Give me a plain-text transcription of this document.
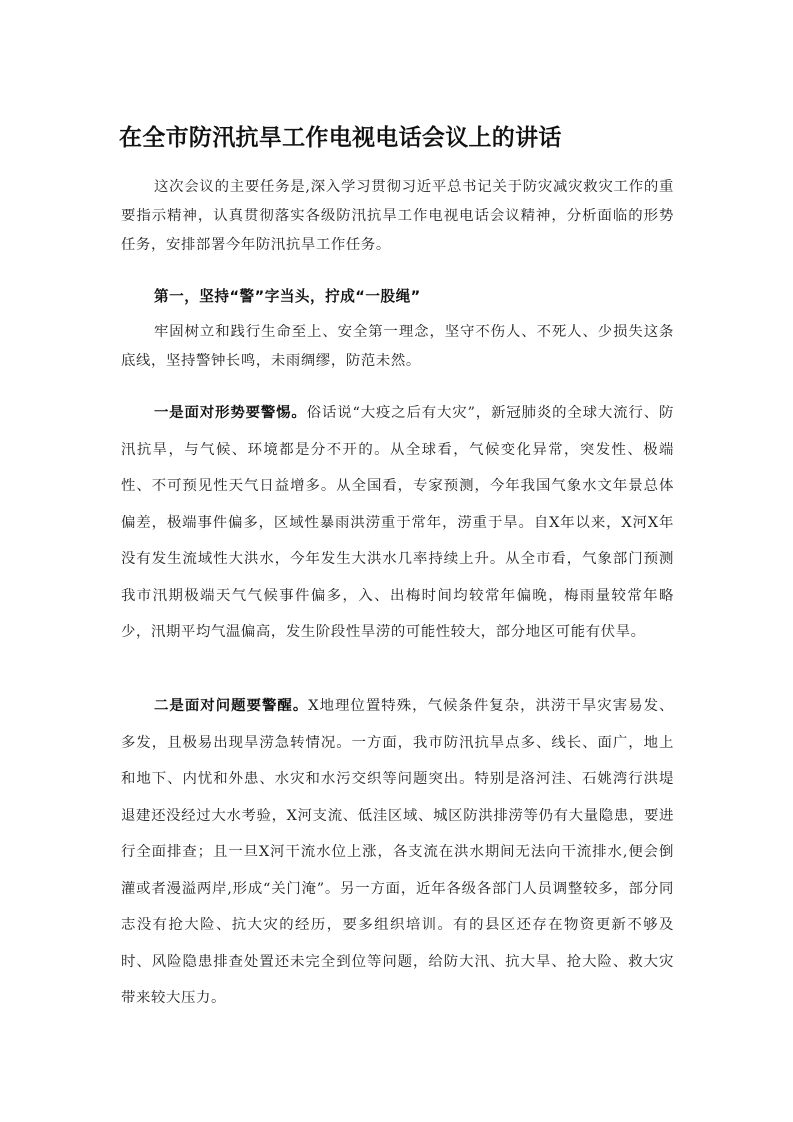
在全市防汛抗旱工作电视电话会议上的讲话

这次会议的主要任务是,深入学习贯彻习近平总书记关于防灾减灾救灾工作的重要指示精神，认真贯彻落实各级防汛抗旱工作电视电话会议精神，分析面临的形势任务，安排部署今年防汛抗旱工作任务。

第一，坚持“警”字当头，拧成“一股绳”

牢固树立和践行生命至上、安全第一理念，坚守不伤人、不死人、少损失这条底线，坚持警钟长鸣，未雨绸缪，防范未然。

一是面对形势要警惕。俗话说“大疫之后有大灾”，新冠肺炎的全球大流行、防汛抗旱，与气候、环境都是分不开的。从全球看，气候变化异常，突发性、极端性、不可预见性天气日益增多。从全国看，专家预测，今年我国气象水文年景总体偏差，极端事件偏多，区域性暴雨洪涝重于常年，涝重于旱。自X年以来，X河X年没有发生流域性大洪水，今年发生大洪水几率持续上升。从全市看，气象部门预测我市汛期极端天气气候事件偏多，入、出梅时间均较常年偏晚，梅雨量较常年略少，汛期平均气温偏高，发生阶段性旱涝的可能性较大，部分地区可能有伏旱。

二是面对问题要警醒。X地理位置特殊，气候条件复杂，洪涝干旱灾害易发、多发，且极易出现旱涝急转情况。一方面，我市防汛抗旱点多、线长、面广，地上和地下、内忧和外患、水灾和水污交织等问题突出。特别是洛河洼、石姚湾行洪堤退建还没经过大水考验，X河支流、低洼区域、城区防洪排涝等仍有大量隐患，要进行全面排查；且一旦X河干流水位上涨，各支流在洪水期间无法向干流排水,便会倒灌或者漫溢两岸,形成“关门淹”。另一方面，近年各级各部门人员调整较多，部分同志没有抢大险、抗大灾的经历，要多组织培训。有的县区还存在物资更新不够及时、风险隐患排查处置还未完全到位等问题，给防大汛、抗大旱、抢大险、救大灾带来较大压力。
